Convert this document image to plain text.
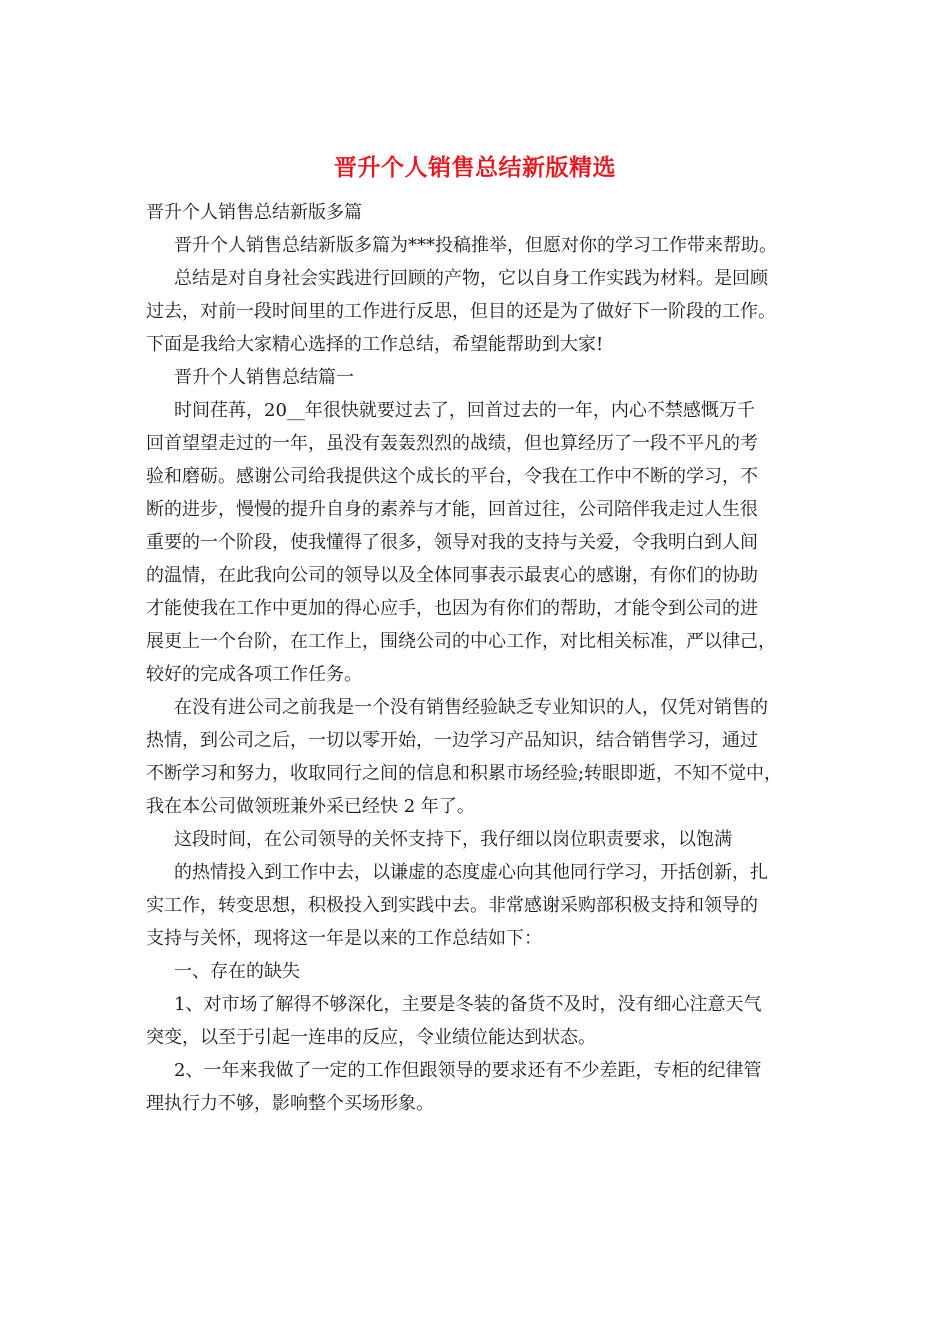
晋升个人销售总结新版精选
晋升个人销售总结新版多篇
晋升个人销售总结新版多篇为***投稿推举，但愿对你的学习工作带来帮助。
总结是对自身社会实践进行回顾的产物，它以自身工作实践为材料。是回顾
过去，对前一段时间里的工作进行反思，但目的还是为了做好下一阶段的工作。
下面是我给大家精心选择的工作总结，希望能帮助到大家!
晋升个人销售总结篇一
时间荏苒，20__年很快就要过去了，回首过去的一年，内心不禁感慨万千
回首望望走过的一年，虽没有轰轰烈烈的战绩，但也算经历了一段不平凡的考
验和磨砺。感谢公司给我提供这个成长的平台，令我在工作中不断的学习，不
断的进步，慢慢的提升自身的素养与才能，回首过往，公司陪伴我走过人生很
重要的一个阶段，使我懂得了很多，领导对我的支持与关爱，令我明白到人间
的温情，在此我向公司的领导以及全体同事表示最衷心的感谢，有你们的协助
才能使我在工作中更加的得心应手，也因为有你们的帮助，才能令到公司的进
展更上一个台阶，在工作上，围绕公司的中心工作，对比相关标准，严以律己，
较好的完成各项工作任务。
在没有进公司之前我是一个没有销售经验缺乏专业知识的人，仅凭对销售的
热情，到公司之后，一切以零开始，一边学习产品知识，结合销售学习，通过
不断学习和努力，收取同行之间的信息和积累市场经验;转眼即逝，不知不觉中，
我在本公司做领班兼外采已经快 2 年了。
这段时间，在公司领导的关怀支持下，我仔细以岗位职责要求，以饱满
的热情投入到工作中去，以谦虚的态度虚心向其他同行学习，开括创新，扎
实工作，转变思想，积极投入到实践中去。非常感谢采购部积极支持和领导的
支持与关怀，现将这一年是以来的工作总结如下：
一、存在的缺失
1、对市场了解得不够深化，主要是冬装的备货不及时，没有细心注意天气
突变，以至于引起一连串的反应，令业绩位能达到状态。
2、一年来我做了一定的工作但跟领导的要求还有不少差距，专柜的纪律管
理执行力不够，影响整个买场形象。
